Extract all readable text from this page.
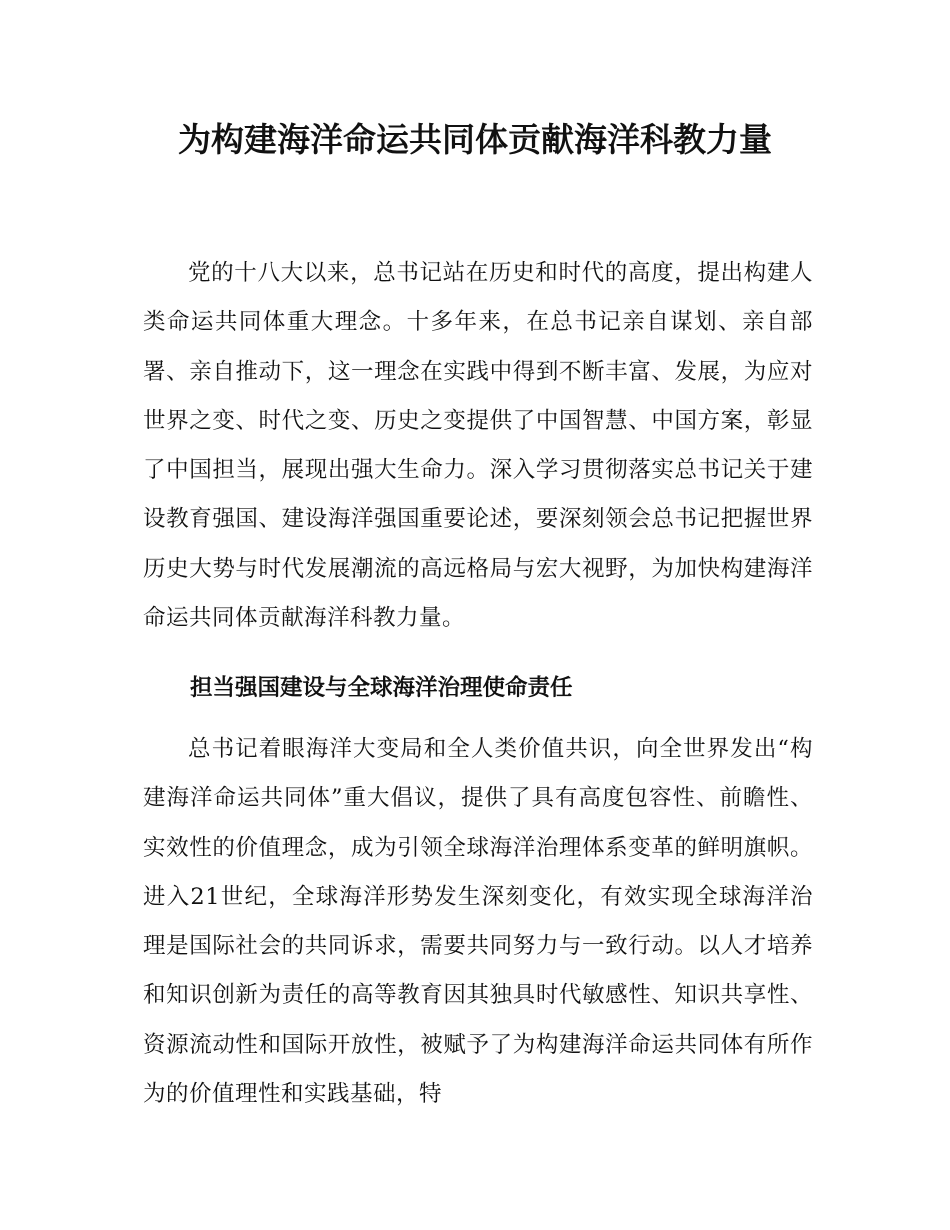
为构建海洋命运共同体贡献海洋科教力量

党的十八大以来，总书记站在历史和时代的高度，提出构建人类命运共同体重大理念。十多年来，在总书记亲自谋划、亲自部署、亲自推动下，这一理念在实践中得到不断丰富、发展，为应对世界之变、时代之变、历史之变提供了中国智慧、中国方案，彰显了中国担当，展现出强大生命力。深入学习贯彻落实总书记关于建设教育强国、建设海洋强国重要论述，要深刻领会总书记把握世界历史大势与时代发展潮流的高远格局与宏大视野，为加快构建海洋命运共同体贡献海洋科教力量。

担当强国建设与全球海洋治理使命责任

总书记着眼海洋大变局和全人类价值共识，向全世界发出“构建海洋命运共同体”重大倡议，提供了具有高度包容性、前瞻性、实效性的价值理念，成为引领全球海洋治理体系变革的鲜明旗帜。进入21世纪，全球海洋形势发生深刻变化，有效实现全球海洋治理是国际社会的共同诉求，需要共同努力与一致行动。以人才培养和知识创新为责任的高等教育因其独具时代敏感性、知识共享性、资源流动性和国际开放性，被赋予了为构建海洋命运共同体有所作为的价值理性和实践基础，特
